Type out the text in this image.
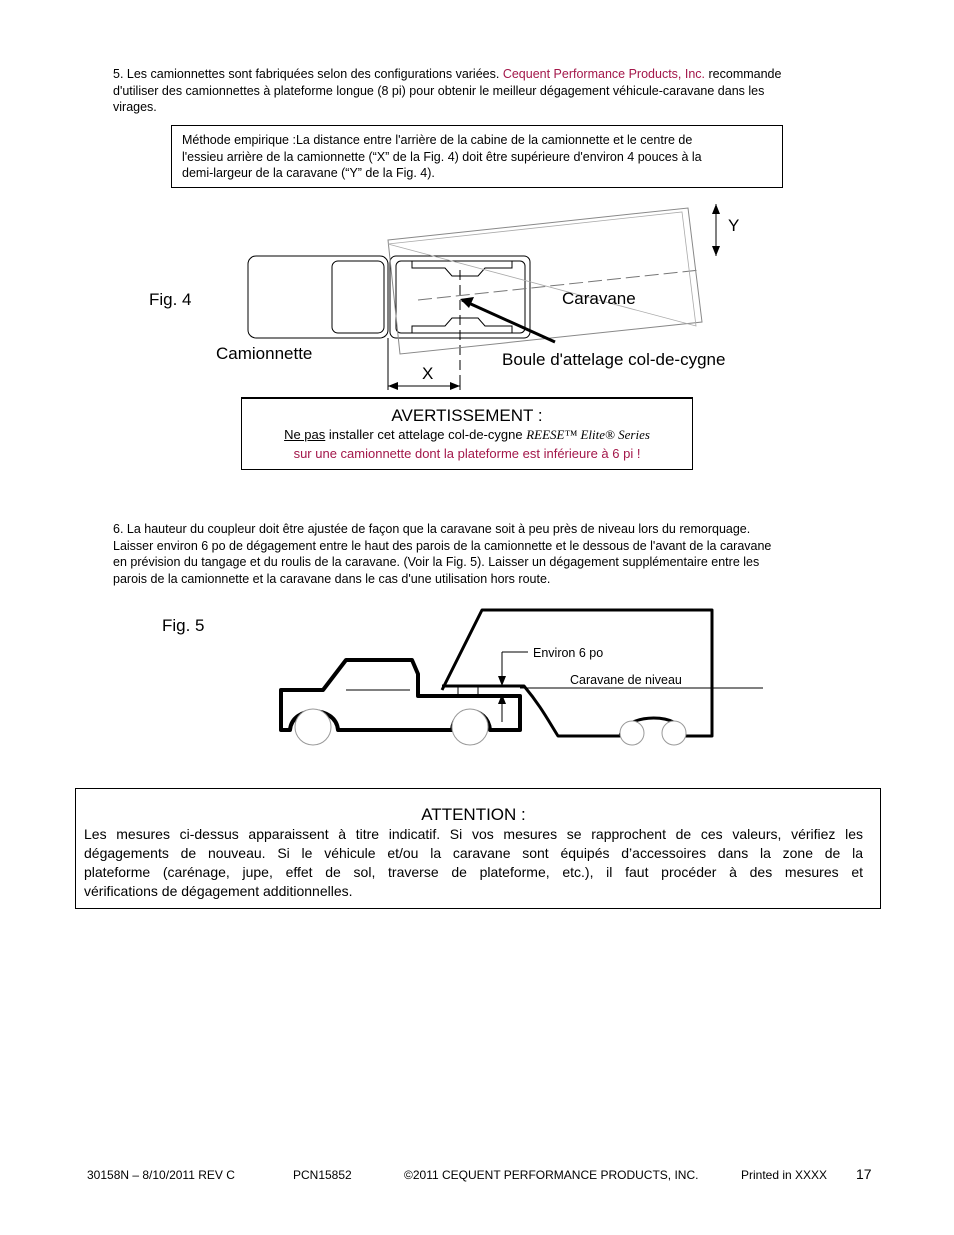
5. Les camionnettes sont fabriquées selon des configurations variées. Cequent Performance Products, Inc. recommande
d'utiliser des camionnettes à plateforme longue (8 pi) pour obtenir le meilleur dégagement véhicule-caravane dans les
virages.
Méthode empirique :La distance entre l'arrière de la cabine de la camionnette et le centre de
l'essieu arrière de la camionnette (“X” de la Fig. 4) doit être supérieure d'environ 4 pouces à la
demi-largeur de la caravane (“Y” de la Fig. 4).
Fig. 4
Y
Caravane
Camionnette	Boule d'attelage col-de-cygne
X
AVERTISSEMENT :
Ne pas installer cet attelage col-de-cygne REESE™ Elite® Series
sur une camionnette dont la plateforme est inférieure à 6 pi !
6. La hauteur du coupleur doit être ajustée de façon que la caravane soit à peu près de niveau lors du remorquage.
Laisser environ 6 po de dégagement entre le haut des parois de la camionnette et le dessous de l'avant de la caravane
en prévision du tangage et du roulis de la caravane. (Voir la Fig. 5). Laisser un dégagement supplémentaire entre les
parois de la camionnette et la caravane dans le cas d'une utilisation hors route.
Fig. 5
Environ 6 po
Caravane de niveau
ATTENTION :
Les mesures ci-dessus apparaissent à titre indicatif. Si vos mesures se rapprochent de ces valeurs, vérifiez les
dégagements de nouveau. Si le véhicule et/ou la caravane sont équipés d’accessoires dans la zone de la
plateforme (carénage, jupe, effet de sol, traverse de plateforme, etc.), il faut procéder à des mesures et
vérifications de dégagement additionnelles.
30158N – 8/10/2011 REV C	PCN15852	©2011 CEQUENT PERFORMANCE PRODUCTS, INC.	Printed in XXXX 17
